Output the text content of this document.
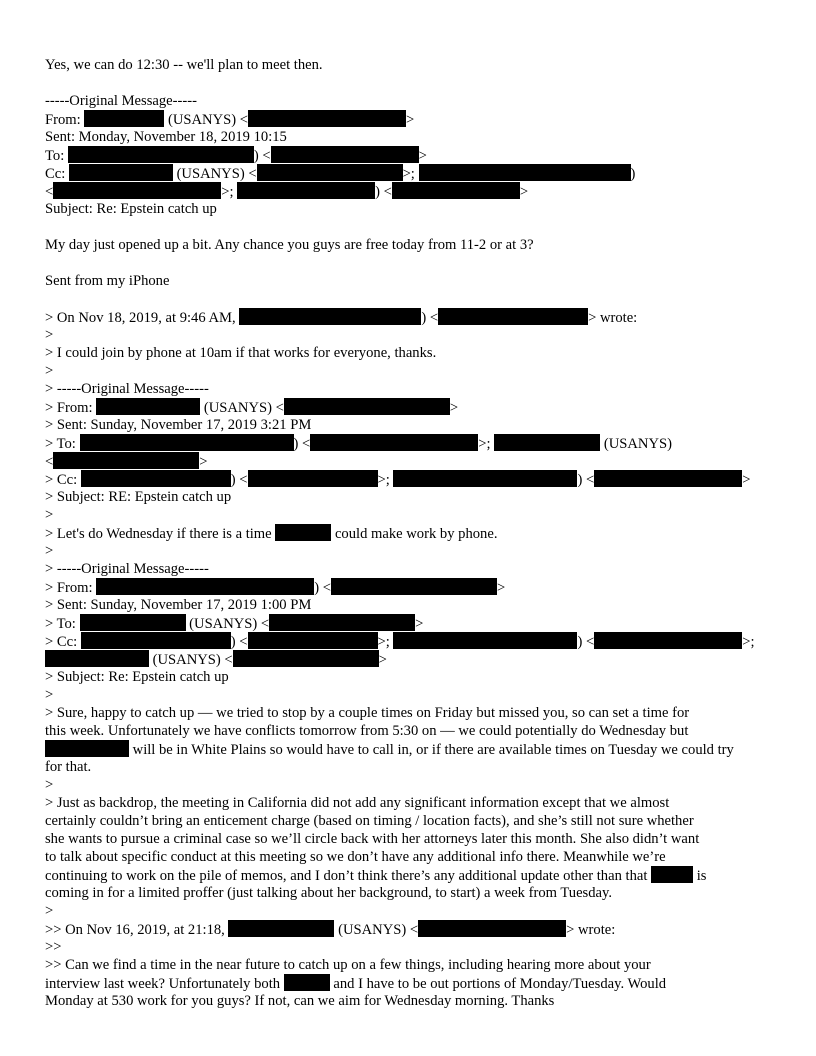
Yes, we can do 12:30 -- we'll plan to meet then.

-----Original Message-----

From:	(USANYS) <	>

Sent: Monday, November 18, 2019 10:15

To:	) <	>

Cc:	(USANYS) <	>;	)

<	>;	) <	>

Subject: Re: Epstein catch up

My day just opened up a bit. Any chance you guys are free today from 11-2 or at 3?

Sent from my iPhone

> On Nov 18, 2019, at 9:46 AM,	) <	> wrote:

>

> I could join by phone at 10am if that works for everyone, thanks.

>

> -----Original Message-----

> From:	(USANYS) <	>

> Sent: Sunday, November 17, 2019 3:21 PM

> To:	) <	>;	(USANYS)

<	>

> Cc:	) <	>;	) <	>

> Subject: RE: Epstein catch up

>

> Let's do Wednesday if there is a time	could make work by phone.

>

> -----Original Message-----

> From:	) <	>

> Sent: Sunday, November 17, 2019 1:00 PM

> To:	(USANYS) <	>

> Cc:	) <	>;	) <	>;

(USANYS) <	>

> Subject: Re: Epstein catch up

>

> Sure, happy to catch up — we tried to stop by a couple times on Friday but missed you, so can set a time for

this week. Unfortunately we have conflicts tomorrow from 5:30 on — we could potentially do Wednesday but

will be in White Plains so would have to call in, or if there are available times on Tuesday we could try

for that.

>

> Just as backdrop, the meeting in California did not add any significant information except that we almost

certainly couldn’t bring an enticement charge (based on timing / location facts), and she’s still not sure whether

she wants to pursue a criminal case so we’ll circle back with her attorneys later this month. She also didn’t want

to talk about specific conduct at this meeting so we don’t have any additional info there. Meanwhile we’re

continuing to work on the pile of memos, and I don’t think there’s any additional update other than that	is

coming in for a limited proffer (just talking about her background, to start) a week from Tuesday.

>

>> On Nov 16, 2019, at 21:18,	(USANYS) <	> wrote:

>>

>> Can we find a time in the near future to catch up on a few things, including hearing more about your

interview last week? Unfortunately both	and I have to be out portions of Monday/Tuesday. Would

Monday at 530 work for you guys? If not, can we aim for Wednesday morning. Thanks
